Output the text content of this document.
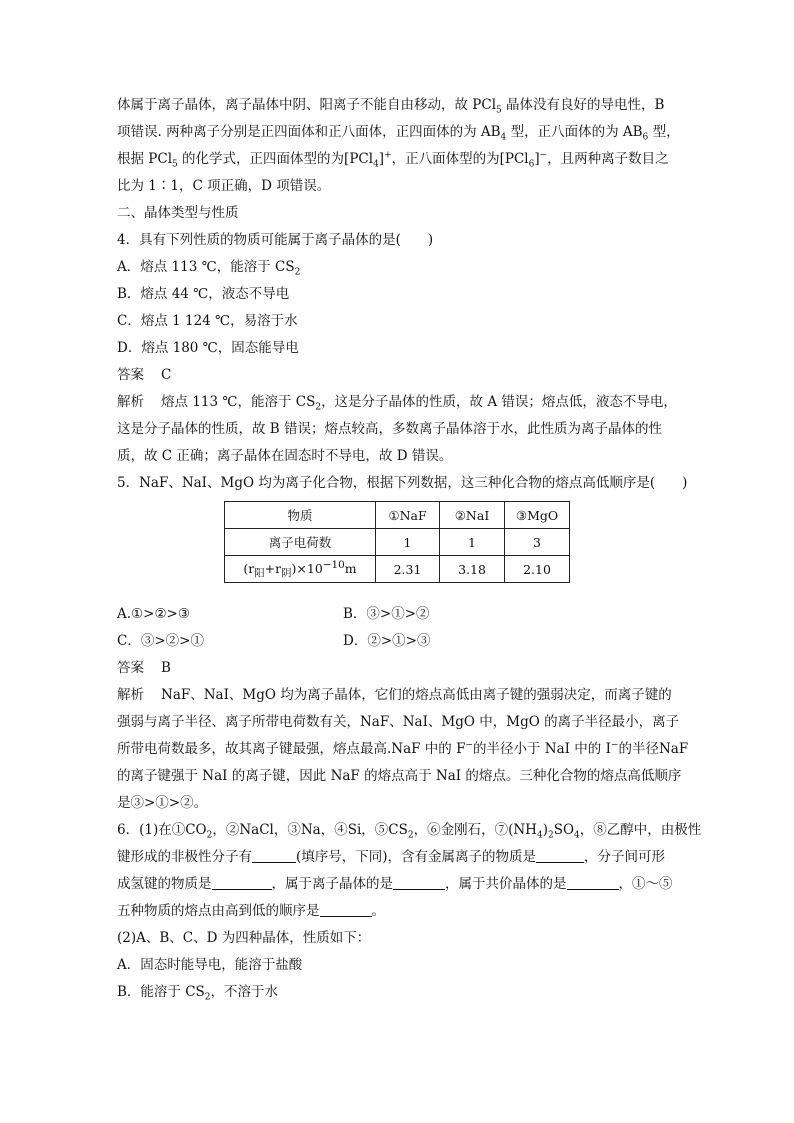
体属于离子晶体，离子晶体中阴、阳离子不能自由移动，故 PCl$_5$ 晶体没有良好的导电性，B
项错误. 两种离子分别是正四面体和正八面体，正四面体的为 $AB_4$ 型，正八面体的为 $AB_6$ 型，
根据 PCl$_5$ 的化学式，正四面体型的为[PCl$_4$]+，正八面体型的为[PCl$_6$]−，且两种离子数目之
比为 1∶1，C 项正确，D 项错误。
二、晶体类型与性质
4．具有下列性质的物质可能属于离子晶体的是(　　)
A．熔点 113 ℃，能溶于 $CS_2$
B．熔点 44 ℃，液态不导电
C．熔点 1 124 ℃，易溶于水
D．熔点 180 ℃，固态能导电
答案 C
解析 熔点 113 ℃，能溶于 $CS_2$，这是分子晶体的性质，故 A 错误；熔点低，液态不导电，
这是分子晶体的性质，故 B 错误；熔点较高，多数离子晶体溶于水，此性质为离子晶体的性
质，故 C 正确；离子晶体在固态时不导电，故 D 错误。
5．NaF、NaI、MgO 均为离子化合物，根据下列数据，这三种化合物的熔点高低顺序是(　　)
物质	①NaF	②NaI	③MgO
离子电荷数	1	1	3
$(r_阳+r_阴)\times 10^{-10}m$	2.31	3.18	2.10
A.①>②>③	B．③>①>②
C．③>②>①	D．②>①>③
答案 B
解析 NaF、NaI、MgO 均为离子晶体，它们的熔点高低由离子键的强弱决定，而离子键的
强弱与离子半径、离子所带电荷数有关，NaF、NaI、MgO 中，MgO 的离子半径最小，离子
所带电荷数最多，故其离子键最强，熔点最高.NaF 中的 F−的半径小于 NaI 中的 I−的半径NaF
的离子键强于 NaI 的离子键，因此 NaF 的熔点高于 NaI 的熔点。三种化合物的熔点高低顺序
是③>①>②。
6．(1)在$①CO_2$，②NaCl，③Na，④Si，$⑤CS_2$，⑥金刚石，$⑦(NH_4)_2SO_4$，⑧乙醇中，由极性
键形成的非极性分子有	(填序号，下同)，含有金属离子的物质是	，分子间可形
成氢键的物质是	，属于离子晶体的是	，属于共价晶体的是	，①～⑤
五种物质的熔点由高到低的顺序是	。
(2)A、B、C、D 为四种晶体，性质如下：
A．固态时能导电，能溶于盐酸
B．能溶于 $CS_2$，不溶于水
